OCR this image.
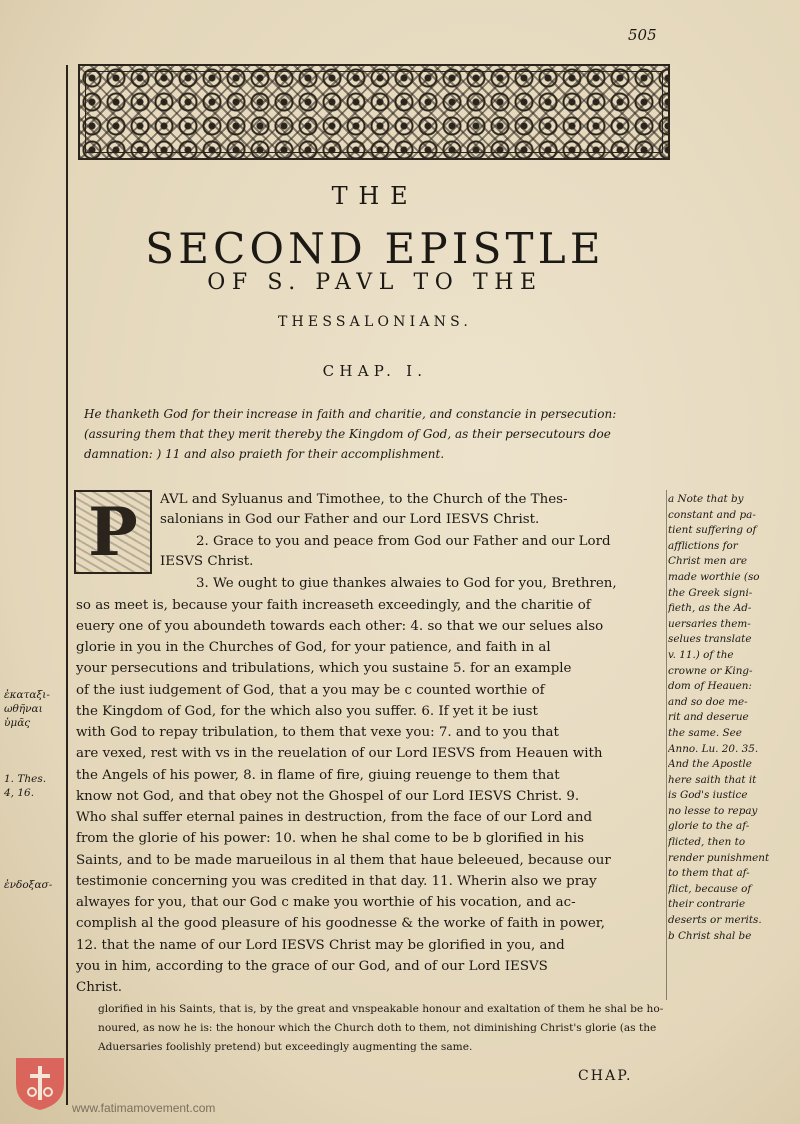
505
THE
SECOND EPISTLE
OF S. PAVL TO THE
THESSALONIANS.
CHAP. I.
He thanketh God for their increase in faith and charitie, and constancie in persecution:
(assuring them that they merit thereby the Kingdom of God, as their persecutours doe
damnation: ) 11 and also praieth for their accomplishment.
P	AVL and Syluanus and Timothee, to the Church of the Thes-
salonians in God our Father and our Lord IESVS Christ.
2. Grace to you and peace from God our Father and our Lord
IESVS Christ.
3. We ought to giue thankes alwaies to God for you, Brethren,
so as meet is, because your faith increaseth exceedingly, and the charitie of
euery one of you aboundeth towards each other: 4. so that we our selues also
glorie in you in the Churches of God, for your patience, and faith in al
your persecutions and tribulations, which you sustaine 5. for an example
of the iust iudgement of God, that a you may be c counted worthie of
the Kingdom of God, for the which also you suffer. 6. If yet it be iust
with God to repay tribulation, to them that vexe you: 7. and to you that
are vexed, rest with vs in the reuelation of our Lord IESVS from Heauen with
the Angels of his power, 8. in flame of fire, giuing reuenge to them that
know not God, and that obey not the Ghospel of our Lord IESVS Christ. 9.
Who shal suffer eternal paines in destruction, from the face of our Lord and
from the glorie of his power: 10. when he shal come to be b glorified in his
Saints, and to be made marueilous in al them that haue beleeued, because our
testimonie concerning you was credited in that day. 11. Wherin also we pray
alwayes for you, that our God c make you worthie of his vocation, and ac-
complish al the good pleasure of his goodnesse & the worke of faith in power,
12. that the name of our Lord IESVS Christ may be glorified in you, and
you in him, according to the grace of our God, and of our Lord IESVS
Christ.
a Note that by
constant and pa-
tient suffering of
afflictions for
Christ men are
made worthie (so
the Greek signi-
fieth, as the Ad-
uersaries them-
selues translate
v. 11.) of the
crowne or King-
dom of Heauen:
and so doe me-
rit and deserue
the same. See
Anno. Lu. 20. 35.
And the Apostle
here saith that it
is God's iustice
no lesse to repay
glorie to the af-
flicted, then to
render punishment
to them that af-
flict, because of
their contrarie
deserts or merits.
b Christ shal be
ἐκαταξι-
ωθῆναι
ὑμᾶς
1. Thes.
4, 16.
ἐνδοξασ-
glorified in his Saints, that is, by the great and vnspeakable honour and exaltation of them he shal be ho-
noured, as now he is: the honour which the Church doth to them, not diminishing Christ's glorie (as the
Aduersaries foolishly pretend) but exceedingly augmenting the same.
CHAP.
www.fatimamovement.com
